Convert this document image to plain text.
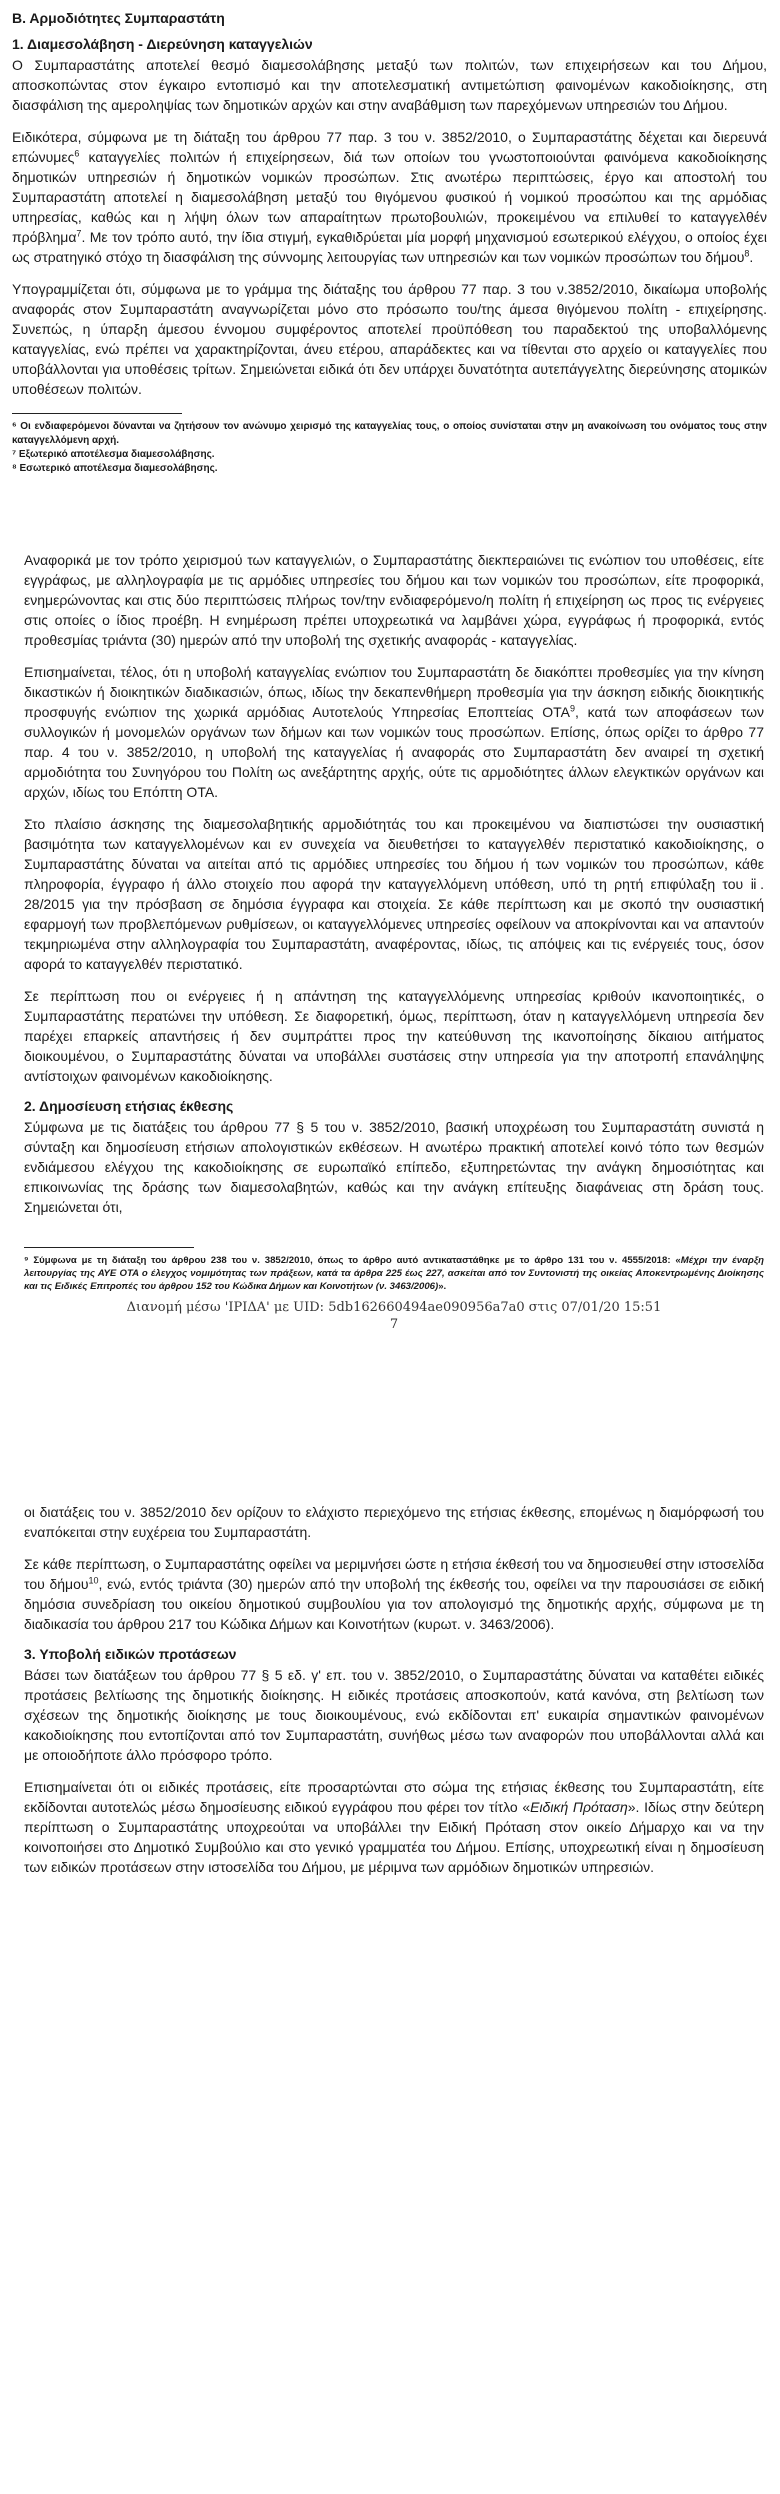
Β. Αρμοδιότητες Συμπαραστάτη
1. Διαμεσολάβηση - Διερεύνηση καταγγελιών

Ο Συμπαραστάτης αποτελεί θεσμό διαμεσολάβησης μεταξύ των πολιτών, των επιχειρήσεων και του Δήμου, αποσκοπώντας στον έγκαιρο εντοπισμό και την αποτελεσματική αντιμετώπιση φαινομένων κακοδιοίκησης, στη διασφάλιση της αμεροληψίας των δημοτικών αρχών και στην αναβάθμιση των παρεχόμενων υπηρεσιών του Δήμου.

Ειδικότερα, σύμφωνα με τη διάταξη του άρθρου 77 παρ. 3 του ν. 3852/2010, ο Συμπαραστάτης δέχεται και διερευνά επώνυμες$^6$ καταγγελίες πολιτών ή επιχείρησεων, διά των οποίων του γνωστοποιούνται φαινόμενα κακοδιοίκησης δημοτικών υπηρεσιών ή δημοτικών νομικών προσώπων. Στις ανωτέρω περιπτώσεις, έργο και αποστολή του Συμπαραστάτη αποτελεί η διαμεσολάβηση μεταξύ του θιγόμενου φυσικού ή νομικού προσώπου και της αρμόδιας υπηρεσίας, καθώς και η λήψη όλων των απαραίτητων πρωτοβουλιών, προκειμένου να επιλυθεί το καταγγελθέν πρόβλημα$^7$. Με τον τρόπο αυτό, την ίδια στιγμή, εγκαθιδρύεται μία μορφή μηχανισμού εσωτερικού ελέγχου, ο οποίος έχει ως στρατηγικό στόχο τη διασφάλιση της σύννομης λειτουργίας των υπηρεσιών και των νομικών προσώπων του δήμου$^8$.

Υπογραμμίζεται ότι, σύμφωνα με το γράμμα της διάταξης του άρθρου 77 παρ. 3 του ν.3852/2010, δικαίωμα υποβολής αναφοράς στον Συμπαραστάτη αναγνωρίζεται μόνο στο πρόσωπο του/της άμεσα θιγόμενου πολίτη - επιχείρησης. Συνεπώς, η ύπαρξη άμεσου έννομου συμφέροντος αποτελεί προϋπόθεση του παραδεκτού της υποβαλλόμενης καταγγελίας, ενώ πρέπει να χαρακτηρίζονται, άνευ ετέρου, απαράδεκτες και να τίθενται στο αρχείο οι καταγγελίες που υποβάλλονται για υποθέσεις τρίτων. Σημειώνεται ειδικά ότι δεν υπάρχει δυνατότητα αυτεπάγγελτης διερεύνησης ατομικών υποθέσεων πολιτών.

⁶ Οι ενδιαφερόμενοι δύνανται να ζητήσουν τον ανώνυμο χειρισμό της καταγγελίας τους, ο οποίος συνίσταται στην μη ανακοίνωση του ονόματος τους στην καταγγελλόμενη αρχή.

⁷ Εξωτερικό αποτέλεσμα διαμεσολάβησης.

⁸ Εσωτερικό αποτέλεσμα διαμεσολάβησης.

Αναφορικά με τον τρόπο χειρισμού των καταγγελιών, ο Συμπαραστάτης διεκπεραιώνει τις ενώπιον του υποθέσεις, είτε εγγράφως, με αλληλογραφία με τις αρμόδιες υπηρεσίες του δήμου και των νομικών του προσώπων, είτε προφορικά, ενημερώνοντας και στις δύο περιπτώσεις πλήρως τον/την ενδιαφερόμενο/η πολίτη ή επιχείρηση ως προς τις ενέργειες στις οποίες ο ίδιος προέβη. Η ενημέρωση πρέπει υποχρεωτικά να λαμβάνει χώρα, εγγράφως ή προφορικά, εντός προθεσμίας τριάντα (30) ημερών από την υποβολή της σχετικής αναφοράς - καταγγελίας.

Επισημαίνεται, τέλος, ότι η υποβολή καταγγελίας ενώπιον του Συμπαραστάτη δε διακόπτει προθεσμίες για την κίνηση δικαστικών ή διοικητικών διαδικασιών, όπως, ιδίως την δεκαπενθήμερη προθεσμία για την άσκηση ειδικής διοικητικής προσφυγής ενώπιον της χωρικά αρμόδιας Αυτοτελούς Υπηρεσίας Εποπτείας ΟΤΑ$^9$, κατά των αποφάσεων των συλλογικών ή μονομελών οργάνων των δήμων και των νομικών τους προσώπων. Επίσης, όπως ορίζει το άρθρο 77 παρ. 4 του ν. 3852/2010, η υποβολή της καταγγελίας ή αναφοράς στο Συμπαραστάτη δεν αναιρεί τη σχετική αρμοδιότητα του Συνηγόρου του Πολίτη ως ανεξάρτητης αρχής, ούτε τις αρμοδιότητες άλλων ελεγκτικών οργάνων και αρχών, ιδίως του Επόπτη ΟΤΑ.

Στο πλαίσιο άσκησης της διαμεσολαβητικής αρμοδιότητάς του και προκειμένου να διαπιστώσει την ουσιαστική βασιμότητα των καταγγελλομένων και εν συνεχεία να διευθετήσει το καταγγελθέν περιστατικό κακοδιοίκησης, ο Συμπαραστάτης δύναται να αιτείται από τις αρμόδιες υπηρεσίες του δήμου ή των νομικών του προσώπων, κάθε πληροφορία, έγγραφο ή άλλο στοιχείο που αφορά την καταγγελλόμενη υπόθεση, υπό τη ρητή επιφύλαξη του ⅱ. 28/2015 για την πρόσβαση σε δημόσια έγγραφα και στοιχεία. Σε κάθε περίπτωση και με σκοπό την ουσιαστική εφαρμογή των προβλεπόμενων ρυθμίσεων, οι καταγγελλόμενες υπηρεσίες οφείλουν να αποκρίνονται και να απαντούν τεκμηριωμένα στην αλληλογραφία του Συμπαραστάτη, αναφέροντας, ιδίως, τις απόψεις και τις ενέργειές τους, όσον αφορά το καταγγελθέν περιστατικό.

Σε περίπτωση που οι ενέργειες ή η απάντηση της καταγγελλόμενης υπηρεσίας κριθούν ικανοποιητικές, ο Συμπαραστάτης περατώνει την υπόθεση. Σε διαφορετική, όμως, περίπτωση, όταν η καταγγελλόμενη υπηρεσία δεν παρέχει επαρκείς απαντήσεις ή δεν συμπράττει προς την κατεύθυνση της ικανοποίησης δίκαιου αιτήματος διοικουμένου, ο Συμπαραστάτης δύναται να υποβάλλει συστάσεις στην υπηρεσία για την αποτροπή επανάληψης αντίστοιχων φαινομένων κακοδιοίκησης.

2. Δημοσίευση ετήσιας έκθεσης

Σύμφωνα με τις διατάξεις του άρθρου 77 § 5 του ν. 3852/2010, βασική υποχρέωση του Συμπαραστάτη συνιστά η σύνταξη και δημοσίευση ετήσιων απολογιστικών εκθέσεων. Η ανωτέρω πρακτική αποτελεί κοινό τόπο των θεσμών ενδιάμεσου ελέγχου της κακοδιοίκησης σε ευρωπαϊκό επίπεδο, εξυπηρετώντας την ανάγκη δημοσιότητας και επικοινωνίας της δράσης των διαμεσολαβητών, καθώς και την ανάγκη επίτευξης διαφάνειας στη δράση τους. Σημειώνεται ότι,

⁹ Σύμφωνα με τη διάταξη του άρθρου 238 του ν. 3852/2010, όπως το άρθρο αυτό αντικαταστάθηκε με το άρθρο 131 του ν. 4555/2018: «Μέχρι την έναρξη λειτουργίας της ΑΥΕ ΟΤΑ ο έλεγχος νομιμότητας των πράξεων, κατά τα άρθρα 225 έως 227, ασκείται από τον Συντονιστή της οικείας Αποκεντρωμένης Διοίκησης και τις Ειδικές Επιτροπές του άρθρου 152 του Κώδικα Δήμων και Κοινοτήτων (ν. 3463/2006)».

Διανομή μέσω 'ΙΡΙΔΑ' με UID: 5db162660494ae090956a7a0 στις 07/01/20 15:51
7

οι διατάξεις του ν. 3852/2010 δεν ορίζουν το ελάχιστο περιεχόμενο της ετήσιας έκθεσης, επομένως η διαμόρφωσή του εναπόκειται στην ευχέρεια του Συμπαραστάτη.

Σε κάθε περίπτωση, ο Συμπαραστάτης οφείλει να μεριμνήσει ώστε η ετήσια έκθεσή του να δημοσιευθεί στην ιστοσελίδα του δήμου$^{10}$, ενώ, εντός τριάντα (30) ημερών από την υποβολή της έκθεσής του, οφείλει να την παρουσιάσει σε ειδική δημόσια συνεδρίαση του οικείου δημοτικού συμβουλίου για τον απολογισμό της δημοτικής αρχής, σύμφωνα με τη διαδικασία του άρθρου 217 του Κώδικα Δήμων και Κοινοτήτων (κυρωτ. ν. 3463/2006).

3. Υποβολή ειδικών προτάσεων

Βάσει των διατάξεων του άρθρου 77 § 5 εδ. γ' επ. του ν. 3852/2010, ο Συμπαραστάτης δύναται να καταθέτει ειδικές προτάσεις βελτίωσης της δημοτικής διοίκησης. Η ειδικές προτάσεις αποσκοπούν, κατά κανόνα, στη βελτίωση των σχέσεων της δημοτικής διοίκησης με τους διοικουμένους, ενώ εκδίδονται επ' ευκαιρία σημαντικών φαινομένων κακοδιοίκησης που εντοπίζονται από τον Συμπαραστάτη, συνήθως μέσω των αναφορών που υποβάλλονται αλλά και με οποιοδήποτε άλλο πρόσφορο τρόπο.

Επισημαίνεται ότι οι ειδικές προτάσεις, είτε προσαρτώνται στο σώμα της ετήσιας έκθεσης του Συμπαραστάτη, είτε εκδίδονται αυτοτελώς μέσω δημοσίευσης ειδικού εγγράφου που φέρει τον τίτλο «Ειδική Πρόταση». Ιδίως στην δεύτερη περίπτωση ο Συμπαραστάτης υποχρεούται να υποβάλλει την Ειδική Πρόταση στον οικείο Δήμαρχο και να την κοινοποιήσει στο Δημοτικό Συμβούλιο και στο γενικό γραμματέα του Δήμου. Επίσης, υποχρεωτική είναι η δημοσίευση των ειδικών προτάσεων στην ιστοσελίδα του Δήμου, με μέριμνα των αρμόδιων δημοτικών υπηρεσιών.
